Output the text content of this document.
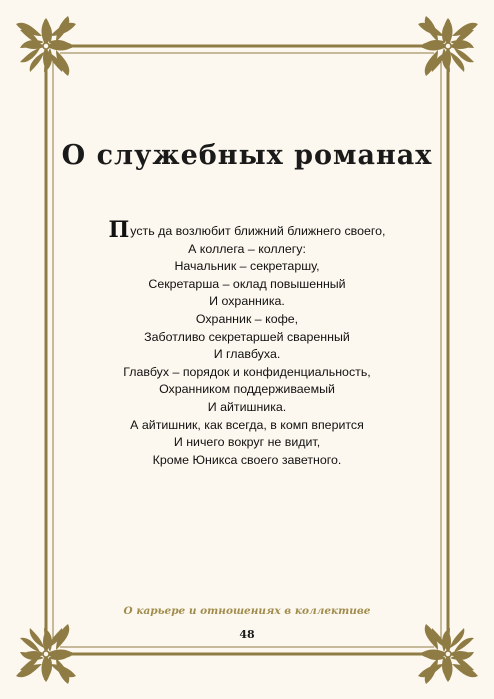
О служебных романах
Пусть да возлюбит ближний ближнего своего,
А коллега – коллегу:
Начальник – секретаршу,
Секретарша – оклад повышенный
И охранника.
Охранник – кофе,
Заботливо секретаршей сваренный
И главбуха.
Главбух – порядок и конфиденциальность,
Охранником поддерживаемый
И айтишника.
А айтишник, как всегда, в комп вперится
И ничего вокруг не видит,
Кроме Юникса своего заветного.
О карьере и отношениях в коллективе
48
